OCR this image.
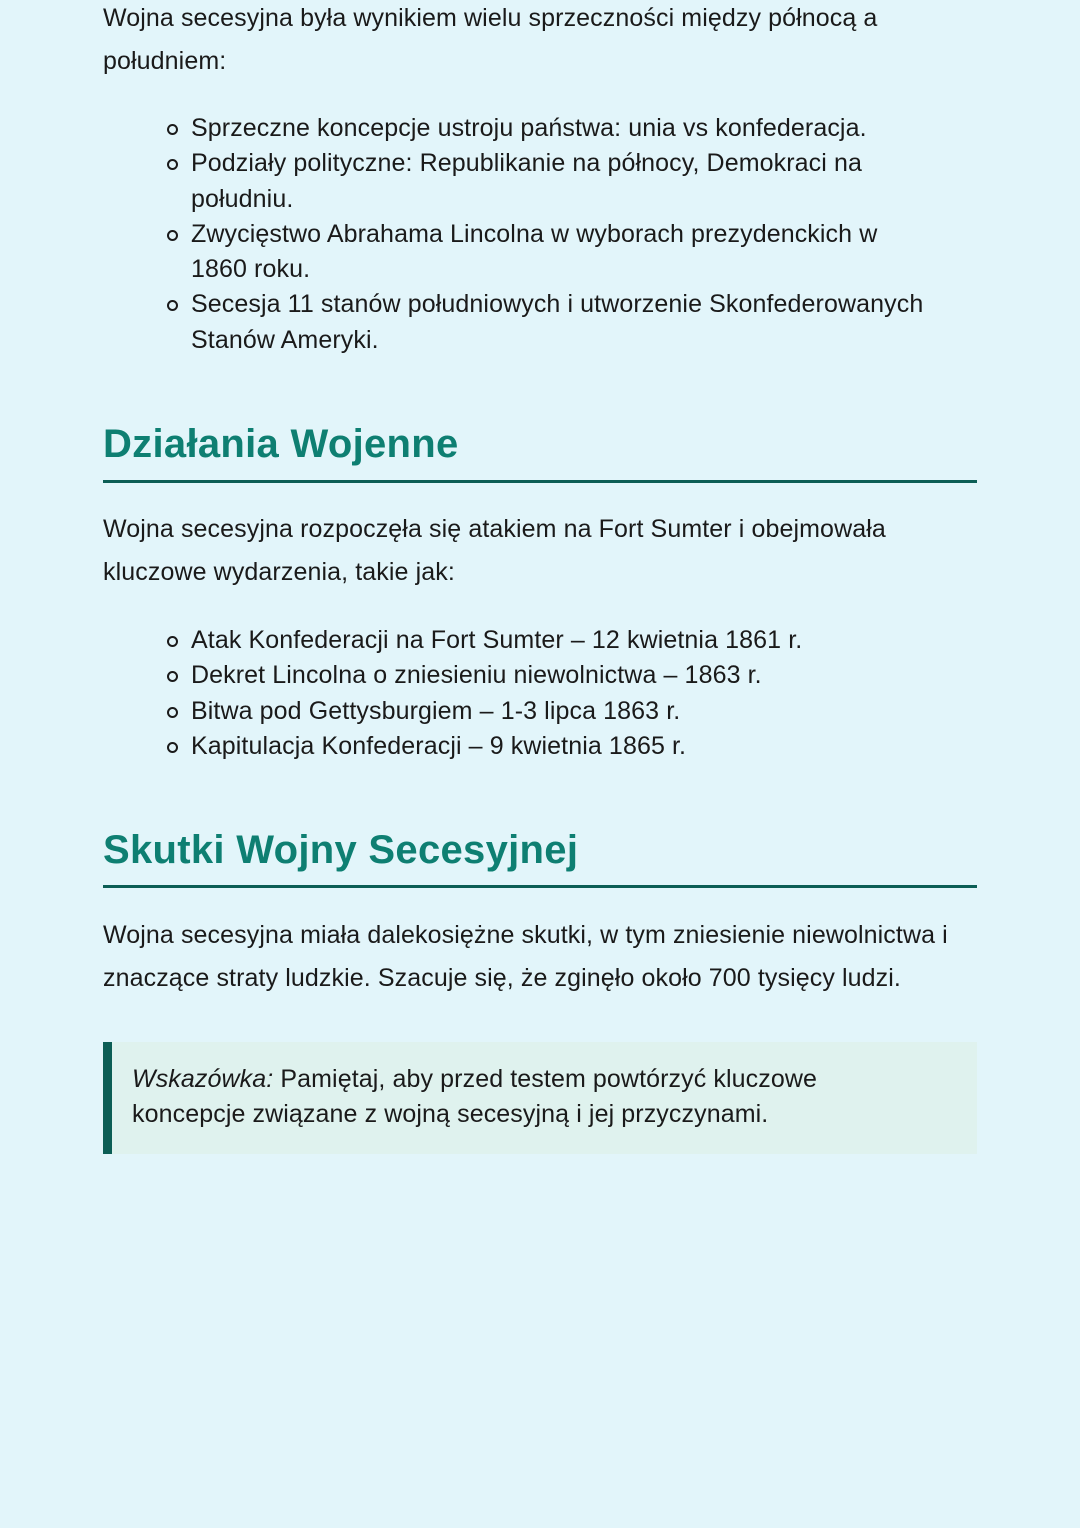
Wojna secesyjna była wynikiem wielu sprzeczności między północą a południem:

Sprzeczne koncepcje ustroju państwa: unia vs konfederacja.
Podziały polityczne: Republikanie na północy, Demokraci na południu.
Zwycięstwo Abrahama Lincolna w wyborach prezydenckich w 1860 roku.
Secesja 11 stanów południowych i utworzenie Skonfederowanych Stanów Ameryki.
Działania Wojenne

Wojna secesyjna rozpoczęła się atakiem na Fort Sumter i obejmowała kluczowe wydarzenia, takie jak:

Atak Konfederacji na Fort Sumter – 12 kwietnia 1861 r.
Dekret Lincolna o zniesieniu niewolnictwa – 1863 r.
Bitwa pod Gettysburgiem – 1-3 lipca 1863 r.
Kapitulacja Konfederacji – 9 kwietnia 1865 r.
Skutki Wojny Secesyjnej

Wojna secesyjna miała dalekosiężne skutki, w tym zniesienie niewolnictwa i znaczące straty ludzkie. Szacuje się, że zginęło około 700 tysięcy ludzi.

Wskazówka: Pamiętaj, aby przed testem powtórzyć kluczowe koncepcje związane z wojną secesyjną i jej przyczynami.
